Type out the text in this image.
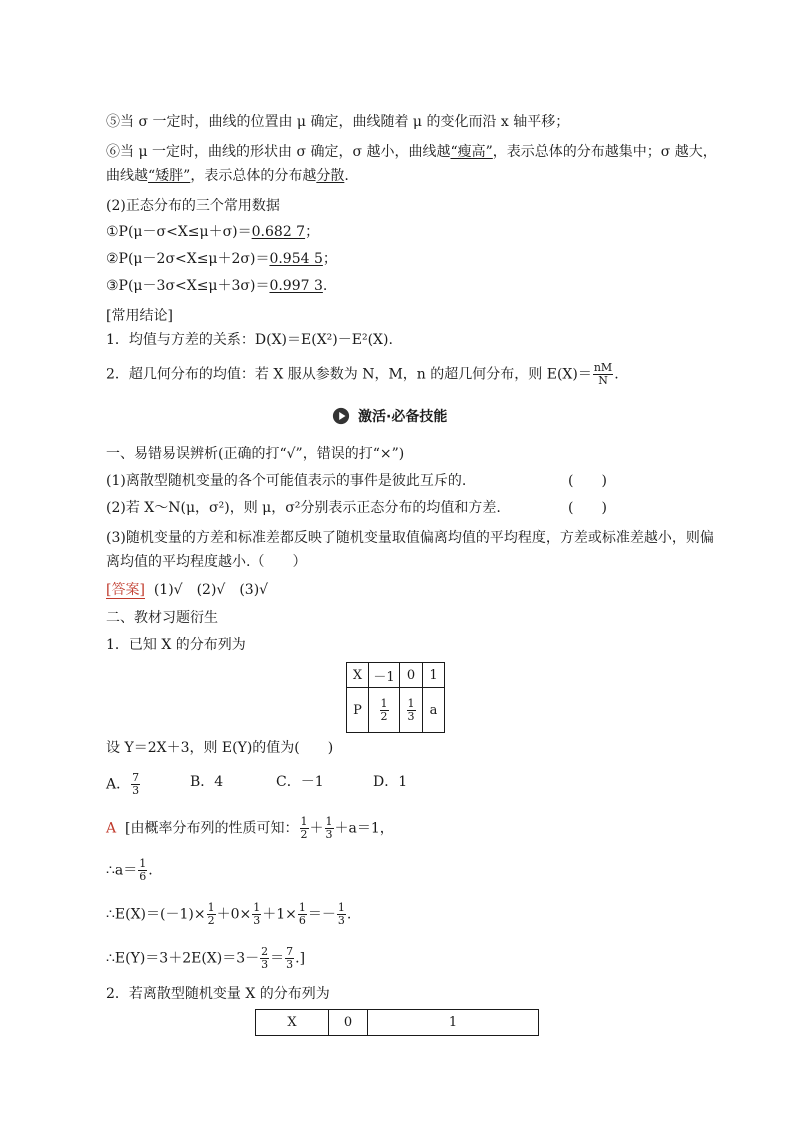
⑤当 σ 一定时，曲线的位置由 μ 确定，曲线随着 μ 的变化而沿 x 轴平移；
⑥当 μ 一定时，曲线的形状由 σ 确定，σ 越小，曲线越“瘦高”，表示总体的分布越集中；σ 越大，
曲线越“矮胖”，表示总体的分布越分散.
(2)正态分布的三个常用数据
①P(μ－σ<X≤μ＋σ)＝0.682 7；
②P(μ－2σ<X≤μ＋2σ)＝0.954 5；
③P(μ－3σ<X≤μ＋3σ)＝0.997 3.
[常用结论]
1．均值与方差的关系：D(X)＝E(X²)－E²(X).
2．超几何分布的均值：若 X 服从参数为 N，M，n 的超几何分布，则 $E(X)= \frac{nM}{N}$ .
激活·必备技能
一、易错易误辨析(正确的打“√”，错误的打“×”)
(1)离散型随机变量的各个可能值表示的事件是彼此互斥的.	(　　)
(2)若 X～N(μ，σ²)，则 μ，σ²分别表示正态分布的均值和方差.	(　　)
(3)随机变量的方差和标准差都反映了随机变量取值偏离均值的平均程度，方差或标准差越小，则偏
离均值的平均程度越小.（　　）
[答案] (1)√　(2)√　(3)√
二、教材习题衍生
1．已知 X 的分布列为
X	－1	0	1
P	$\frac{1}{2}$	$\frac{1}{3}$	a
设 Y＝2X＋3，则 E(Y)的值为(　　)
A． $\frac{7}{3}$	B．4	C．－1	D．1
A [由概率分布列的性质可知： $\frac{1}{2} + \frac{1}{3} +a=1$，
∴a＝ $\frac{1}{6}$ .
∴E(X)＝(－1)× $\frac{1}{2} +0\times \frac{1}{3} +1\times \frac{1}{6} =- \frac{1}{3}$ .
∴E(Y)＝3＋2E(X)＝3－ $\frac{2}{3} = \frac{7}{3}$ .]
2．若离散型随机变量 X 的分布列为
X	0	1
